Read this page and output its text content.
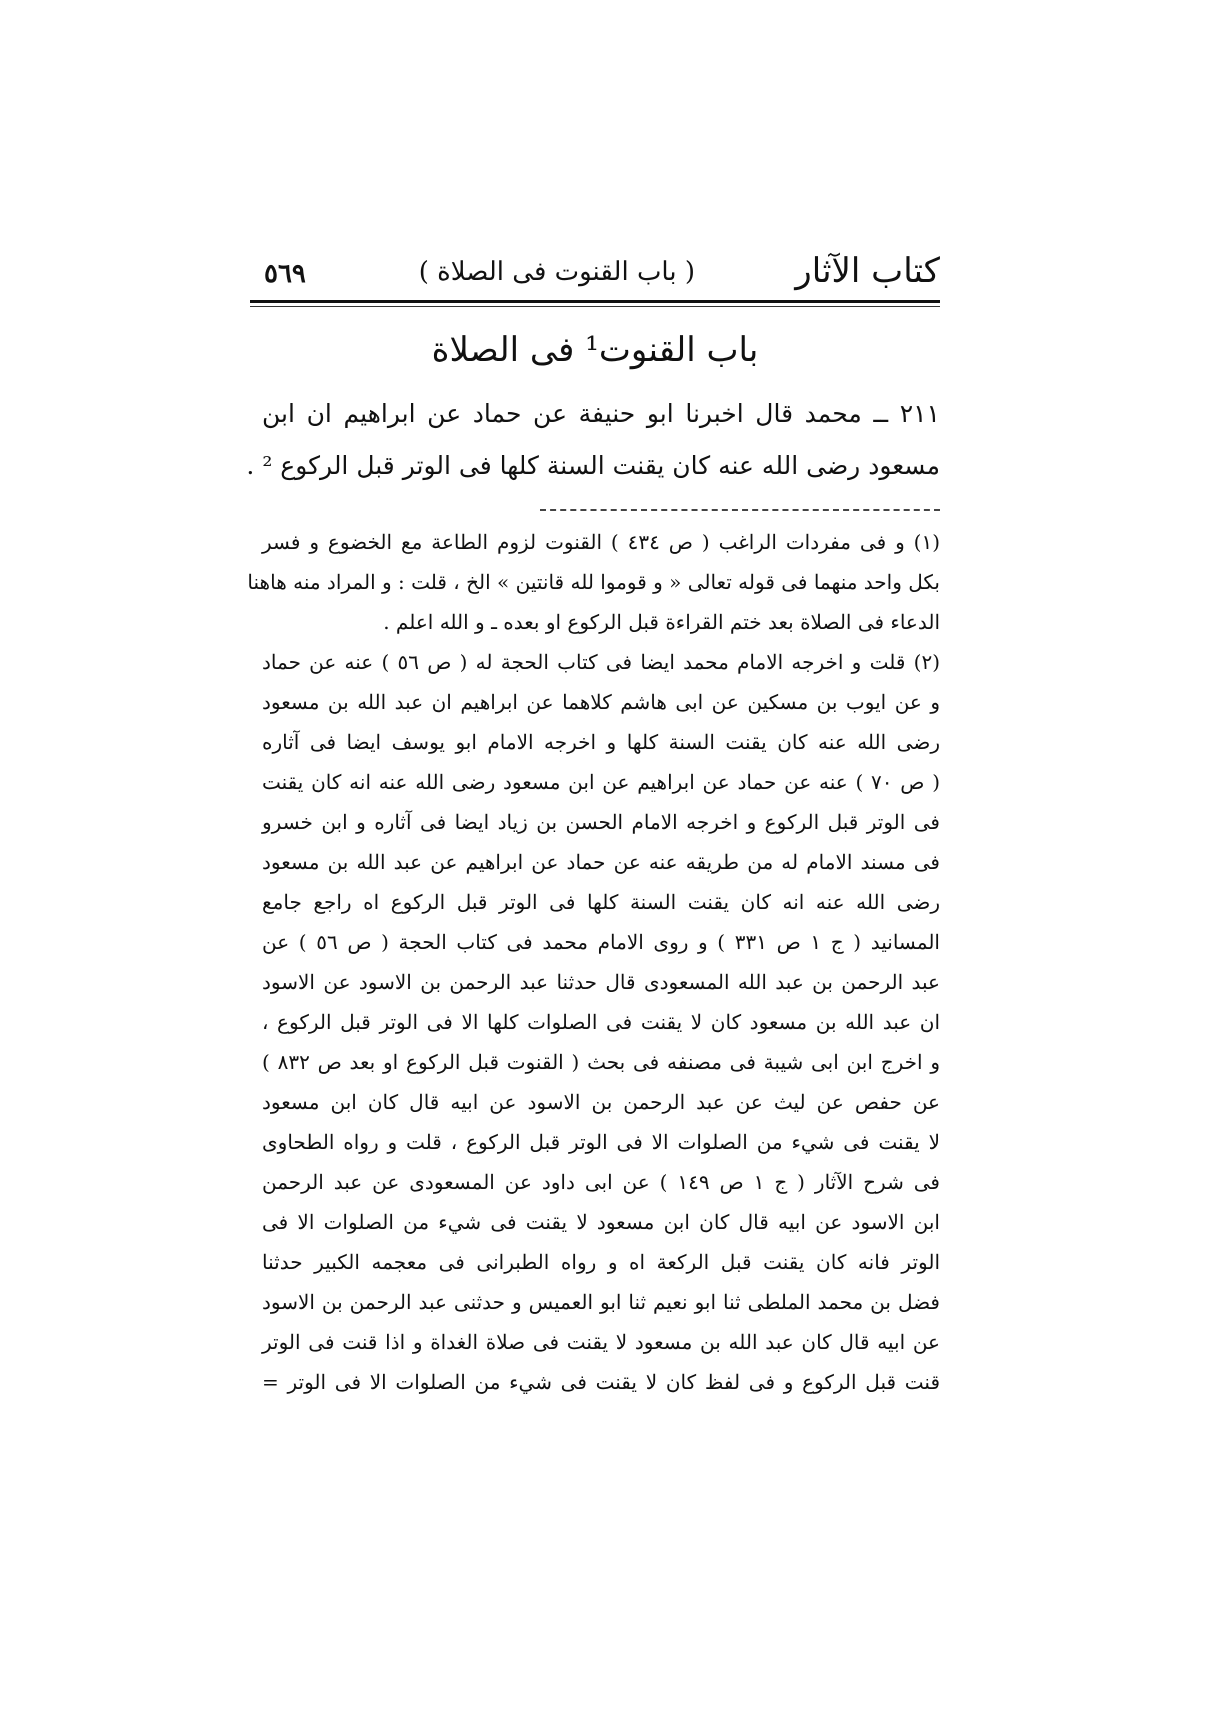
كتاب الآثار
( باب القنوت فى الصلاة )
٥٦٩
باب القنوت¹ فى الصلاة
٢١١ ــ محمد قال اخبرنا ابو حنيفة عن حماد عن ابراهيم ان ابن
مسعود رضى الله عنه كان يقنت السنة كلها فى الوتر قبل الركوع ² .
(١) و فى مفردات الراغب ( ص ٤٣٤ ) القنوت لزوم الطاعة مع الخضوع و فسر
بكل واحد منهما فى قوله تعالى « و قوموا لله قانتين » الخ ، قلت : و المراد منه هاهنا
الدعاء فى الصلاة بعد ختم القراءة قبل الركوع او بعده ـ و الله اعلم .
(٢) قلت و اخرجه الامام محمد ايضا فى كتاب الحجة له ( ص ٥٦ ) عنه عن حماد
و عن ايوب بن مسكين عن ابى هاشم كلاهما عن ابراهيم ان عبد الله بن مسعود
رضى الله عنه كان يقنت السنة كلها و اخرجه الامام ابو يوسف ايضا فى آثاره
( ص ٧٠ ) عنه عن حماد عن ابراهيم عن ابن مسعود رضى الله عنه انه كان يقنت
فى الوتر قبل الركوع و اخرجه الامام الحسن بن زياد ايضا فى آثاره و ابن خسرو
فى مسند الامام له من طريقه عنه عن حماد عن ابراهيم عن عبد الله بن مسعود
رضى الله عنه انه كان يقنت السنة كلها فى الوتر قبل الركوع اه راجع جامع
المسانيد ( ج ١ ص ٣٣١ ) و روى الامام محمد فى كتاب الحجة ( ص ٥٦ ) عن
عبد الرحمن بن عبد الله المسعودى قال حدثنا عبد الرحمن بن الاسود عن الاسود
ان عبد الله بن مسعود كان لا يقنت فى الصلوات كلها الا فى الوتر قبل الركوع ،
و اخرج ابن ابى شيبة فى مصنفه فى بحث ( القنوت قبل الركوع او بعد ص ٨٣٢ )
عن حفص عن ليث عن عبد الرحمن بن الاسود عن ابيه قال كان ابن مسعود
لا يقنت فى شيء من الصلوات الا فى الوتر قبل الركوع ، قلت و رواه الطحاوى
فى شرح الآثار ( ج ١ ص ١٤٩ ) عن ابى داود عن المسعودى عن عبد الرحمن
ابن الاسود عن ابيه قال كان ابن مسعود لا يقنت فى شيء من الصلوات الا فى
الوتر فانه كان يقنت قبل الركعة اه و رواه الطبرانى فى معجمه الكبير حدثنا
فضل بن محمد الملطى ثنا ابو نعيم ثنا ابو العميس و حدثنى عبد الرحمن بن الاسود
عن ابيه قال كان عبد الله بن مسعود لا يقنت فى صلاة الغداة و اذا قنت فى الوتر
قنت قبل الركوع و فى لفظ كان لا يقنت فى شيء من الصلوات الا فى الوتر =
